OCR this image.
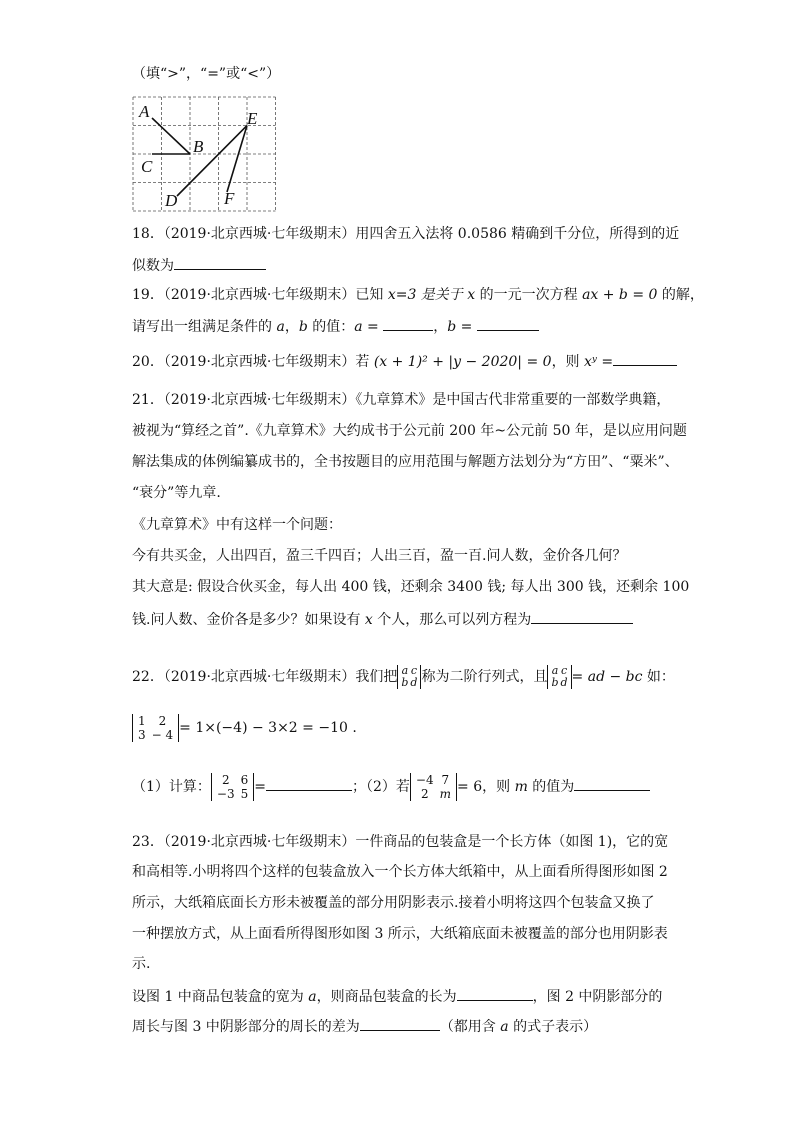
（填“>”，“=”或“<”）
A
B
C
D
E
F
18．（2019·北京西城·七年级期末）用四舍五入法将 0.0586 精确到千分位，所得到的近
似数为
19．（2019·北京西城·七年级期末）已知 x=3 是关于 x 的一元一次方程 ax + b = 0 的解，
请写出一组满足条件的 a，b 的值：a =	，b =
20．（2019·北京西城·七年级期末）若 (x + 1)² + |y − 2020| = 0，则 xʸ =
21．（2019·北京西城·七年级期末）《九章算术》是中国古代非常重要的一部数学典籍，
被视为“算经之首”.《九章算术》大约成书于公元前 200 年~公元前 50 年，是以应用问题
解法集成的体例编纂成书的，全书按题目的应用范围与解题方法划分为“方田”、“粟米”、
“衰分”等九章.
《九章算术》中有这样一个问题：
今有共买金，人出四百，盈三千四百；人出三百，盈一百.问人数，金价各几何？
其大意是: 假设合伙买金，每人出 400 钱，还剩余 3400 钱; 每人出 300 钱，还剩余 100
钱.问人数、金价各是多少？如果设有 x 个人，那么可以列方程为
22．（2019·北京西城·七年级期末）我们把 a	c
b	d 称为二阶行列式，且 a	c
b	d = ad − bc 如：
1	2
3	− 4 = 1×(−4) − 3×2 = −10 .
（1）计算： 2	6
−3	5 =	；（2）若 −4	7
2	m = 6，则 m 的值为
23．（2019·北京西城·七年级期末）一件商品的包装盒是一个长方体（如图 1)，它的宽
和高相等.小明将四个这样的包装盒放入一个长方体大纸箱中，从上面看所得图形如图 2
所示，大纸箱底面长方形未被覆盖的部分用阴影表示.接着小明将这四个包装盒又换了
一种摆放方式，从上面看所得图形如图 3 所示，大纸箱底面未被覆盖的部分也用阴影表
示.
设图 1 中商品包装盒的宽为 a，则商品包装盒的长为	，图 2 中阴影部分的
周长与图 3 中阴影部分的周长的差为	（都用含 a 的式子表示）
